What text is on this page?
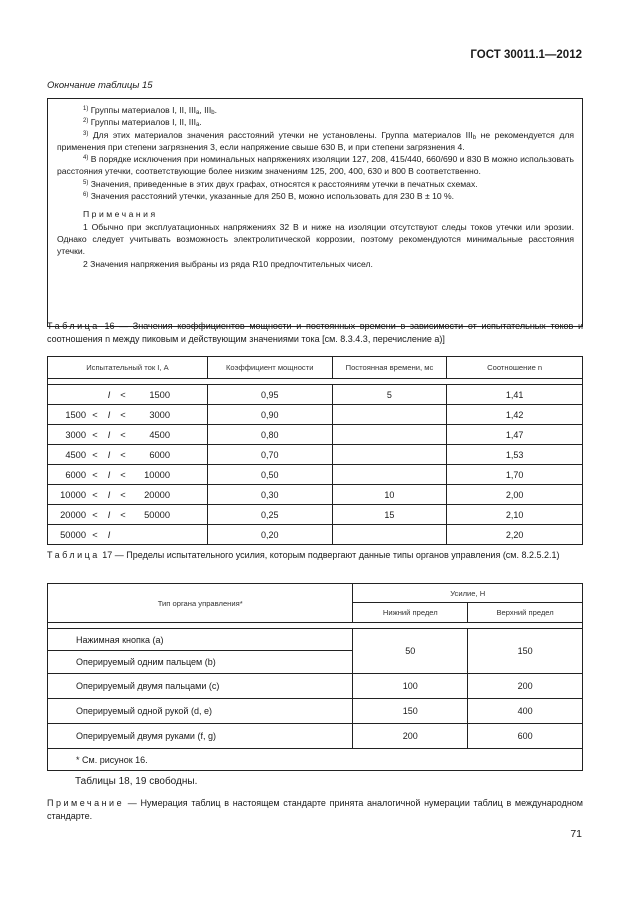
ГОСТ 30011.1—2012
Окончание таблицы 15

$^{1)}$ Группы материалов I, II, $III_a$, $III_b$.

$^{2)}$ Группы материалов I, II, $III_a$.

$^{3)}$ Для этих материалов значения расстояний утечки не установлены. Группа материалов $III_b$ не рекомендуется для применения при степени загрязнения 3, если напряжение свыше 630 В, и при степени загрязнения 4.

$^{4)}$ В порядке исключения при номинальных напряжениях изоляции 127, 208, 415/440, 660/690 и 830 В можно использовать расстояния утечки, соответствующие более низким значениям 125, 200, 400, 630 и 800 В соответственно.

$^{5)}$ Значения, приведенные в этих двух графах, относятся к расстояниям утечки в печатных схемах.

$^{6)}$ Значения расстояний утечки, указанные для 250 В, можно использовать для 230 В ± 10 %.

Примечания

1 Обычно при эксплуатационных напряжениях 32 В и ниже на изоляции отсутствуют следы токов утечки или эрозии. Однако следует учитывать возможность электролитической коррозии, поэтому рекомендуются минимальные расстояния утечки.

2 Значения напряжения выбраны из ряда R10 предпочтительных чисел.

Таблица 16 — Значения коэффициентов мощности и постоянных времени в зависимости от испытательных токов и соотношения n между пиковым и действующим значениями тока [см. 8.3.4.3, перечисление а)]
Испытательный ток I, А	Коэффициент мощности	Постоянная времени, мс	Соотношение n

I < 1500	0,95	5	1,41

1500 < I < 3000	0,90		1,42

3000 < I < 4500	0,80		1,47

4500 < I < 6000	0,70		1,53

6000 < I < 10000	0,50		1,70

10000 < I < 20000	0,30	10	2,00

20000 < I < 50000	0,25	15	2,10

50000 < I	0,20		2,20
Таблица 17 — Пределы испытательного усилия, которым подвергают данные типы органов управления (см. 8.2.5.2.1)
Тип органа управления*	Усилие, Н	
	Нижний предел	Верхний предел

Нажимная кнопка (a)	50	150
Оперируемый одним пальцем (b)		
Оперируемый двумя пальцами (c)	100	200
Оперируемый одной рукой (d, e)	150	400
Оперируемый двумя руками (f, g)	200	600
* См. рисунок 16.		
Таблицы 18, 19 свободны.
Примечание — Нумерация таблиц в настоящем стандарте принята аналогичной нумерации таблиц в международном стандарте.
71
